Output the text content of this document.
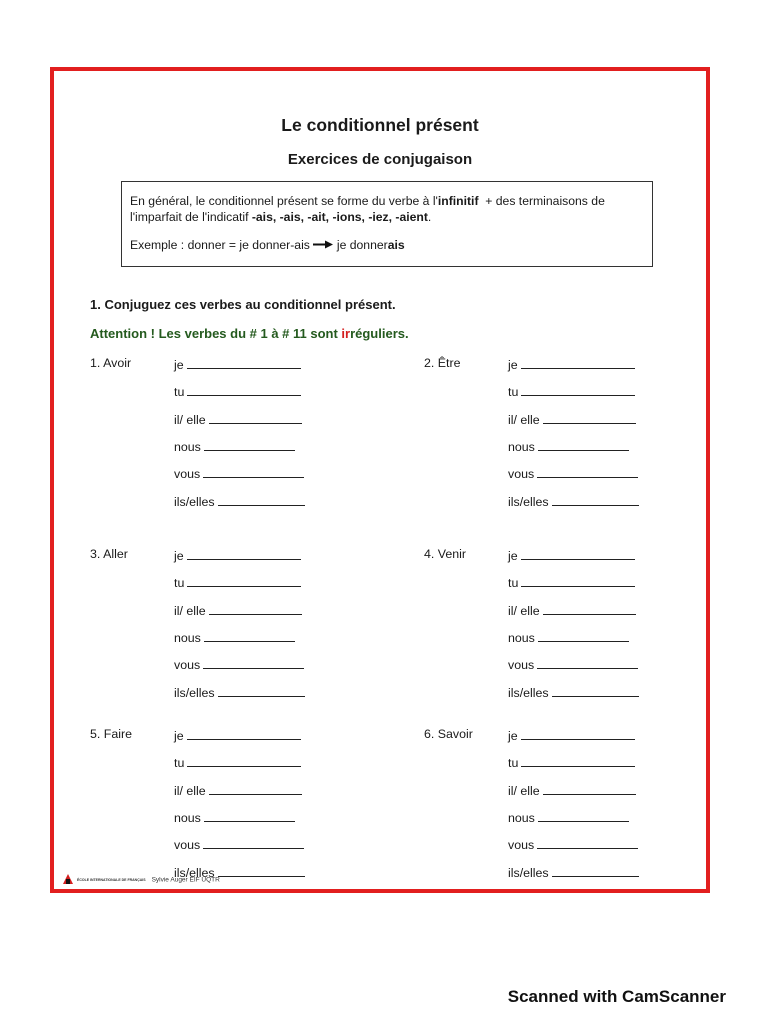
Le conditionnel présent
Exercices de conjugaison
En général, le conditionnel présent se forme du verbe à l'infinitif  + des terminaisons de
l'imparfait de l'indicatif -ais, -ais, -ait, -ions, -iez, -aient.
Exemple : donner = je donner-ais je donnerais
1. Conjuguez ces verbes au conditionnel présent.
Attention ! Les verbes du # 1 à # 11 sont irréguliers.
1. Avoir	je
tu
il/ elle
nous
vous
ils/elles
2. Être	je
tu
il/ elle
nous
vous
ils/elles
3. Aller	je
tu
il/ elle
nous
vous
ils/elles
4. Venir	je
tu
il/ elle
nous
vous
ils/elles
5. Faire	je
tu
il/ elle
nous
vous
ils/elles
6. Savoir	je
tu
il/ elle
nous
vous
ils/elles
ÉCOLE INTERNATIONALE DE FRANÇAIS Sylvie Auger ÉIF UQTR
Scanned with CamScanner
